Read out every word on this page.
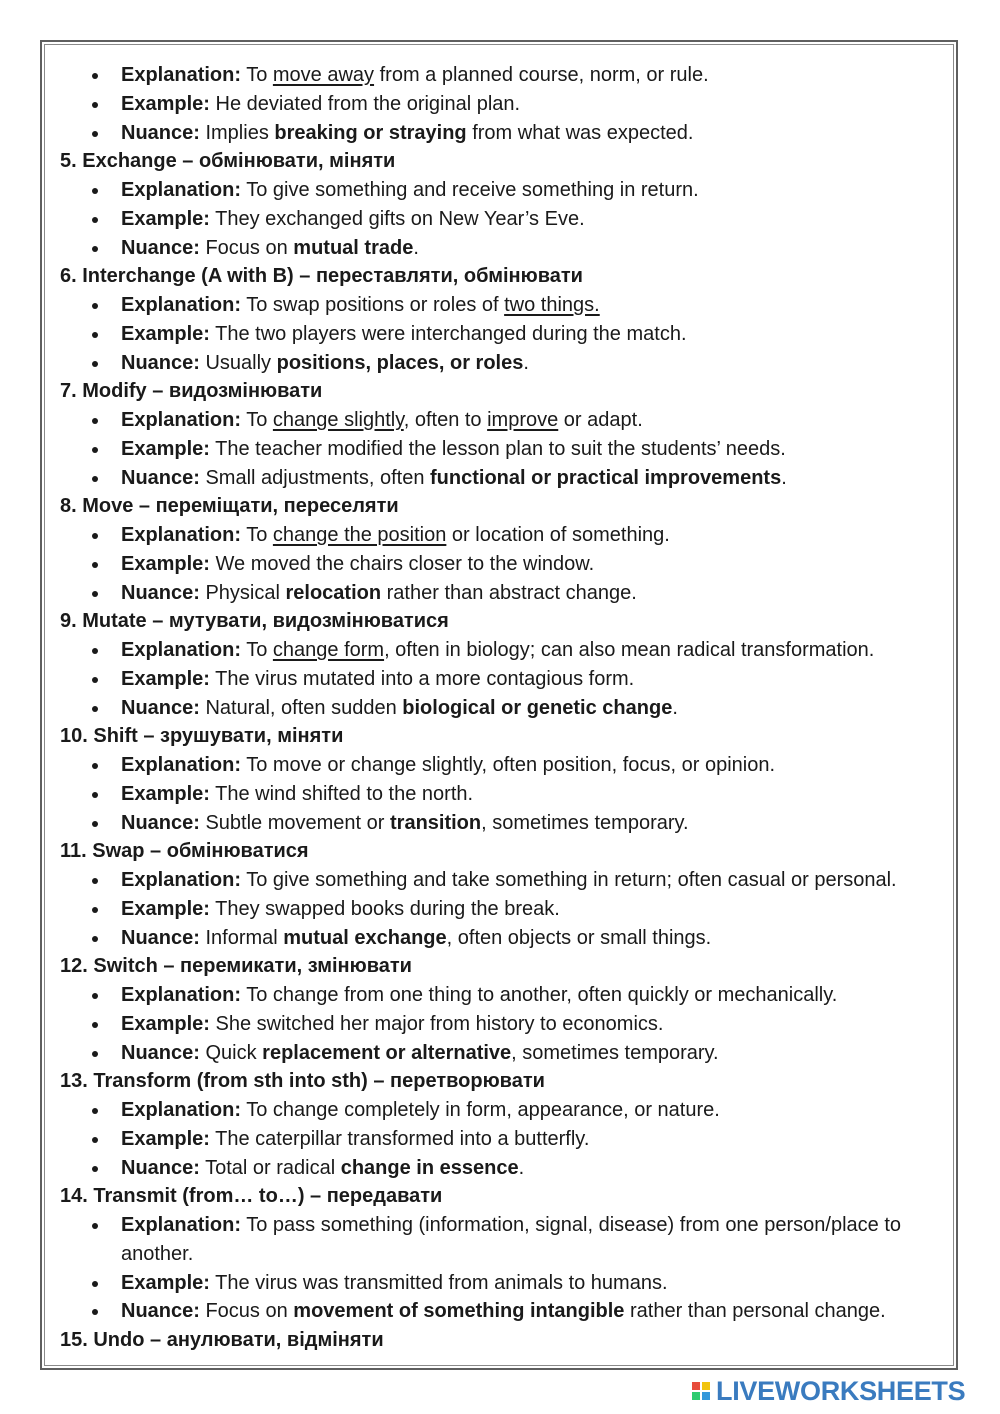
Explanation: To move away from a planned course, norm, or rule.
Example: He deviated from the original plan.
Nuance: Implies breaking or straying from what was expected.
5. Exchange – обмінювати, міняти
Explanation: To give something and receive something in return.
Example: They exchanged gifts on New Year’s Eve.
Nuance: Focus on mutual trade.
6. Interchange (A with B) – переставляти, обмінювати
Explanation: To swap positions or roles of two things.
Example: The two players were interchanged during the match.
Nuance: Usually positions, places, or roles.
7. Modify – видозмінювати
Explanation: To change slightly, often to improve or adapt.
Example: The teacher modified the lesson plan to suit the students’ needs.
Nuance: Small adjustments, often functional or practical improvements.
8. Move – переміщати, переселяти
Explanation: To change the position or location of something.
Example: We moved the chairs closer to the window.
Nuance: Physical relocation rather than abstract change.
9. Mutate – мутувати, видозмінюватися
Explanation: To change form, often in biology; can also mean radical transformation.
Example: The virus mutated into a more contagious form.
Nuance: Natural, often sudden biological or genetic change.
10. Shift – зрушувати, міняти
Explanation: To move or change slightly, often position, focus, or opinion.
Example: The wind shifted to the north.
Nuance: Subtle movement or transition, sometimes temporary.
11. Swap – обмінюватися
Explanation: To give something and take something in return; often casual or personal.
Example: They swapped books during the break.
Nuance: Informal mutual exchange, often objects or small things.
12. Switch – перемикати, змінювати
Explanation: To change from one thing to another, often quickly or mechanically.
Example: She switched her major from history to economics.
Nuance: Quick replacement or alternative, sometimes temporary.
13. Transform (from sth into sth) – перетворювати
Explanation: To change completely in form, appearance, or nature.
Example: The caterpillar transformed into a butterfly.
Nuance: Total or radical change in essence.
14. Transmit (from… to…) – передавати
Explanation: To pass something (information, signal, disease) from one person/place to
another.
Example: The virus was transmitted from animals to humans.
Nuance: Focus on movement of something intangible rather than personal change.
15. Undo – анулювати, відміняти
LIVEWORKSHEETS
